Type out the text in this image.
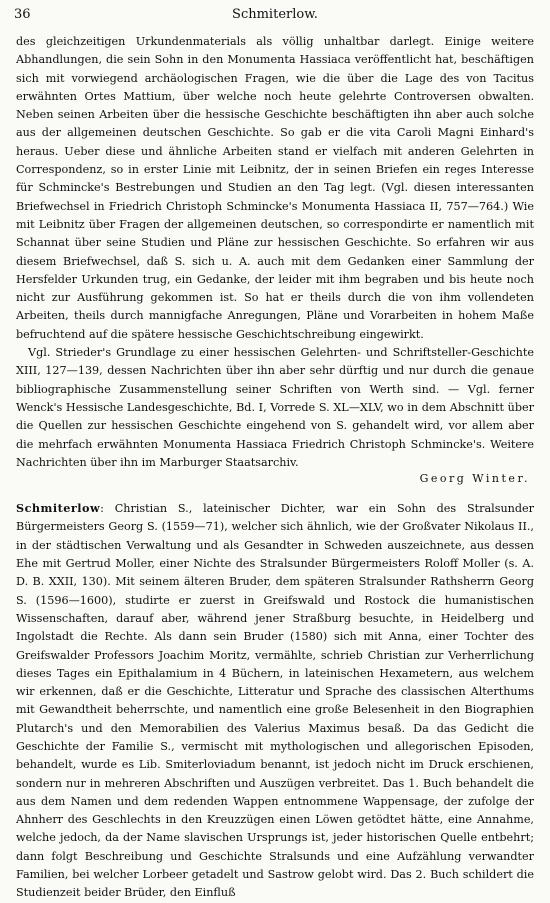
36	Schmiterlow.

des gleichzeitigen Urkundenmaterials als völlig unhaltbar darlegt. Einige weitere Abhandlungen, die sein Sohn in den Monumenta Hassiaca veröffentlicht hat, beschäftigen sich mit vorwiegend archäologischen Fragen, wie die über die Lage des von Tacitus erwähnten Ortes Mattium, über welche noch heute gelehrte Controversen obwalten. Neben seinen Arbeiten über die hessische Geschichte beschäftigten ihn aber auch solche aus der allgemeinen deutschen Geschichte. So gab er die vita Caroli Magni Einhard's heraus. Ueber diese und ähnliche Arbeiten stand er vielfach mit anderen Gelehrten in Correspondenz, so in erster Linie mit Leibnitz, der in seinen Briefen ein reges Interesse für Schmincke's Bestrebungen und Studien an den Tag legt. (Vgl. diesen interessanten Briefwechsel in Friedrich Christoph Schmincke's Monumenta Hassiaca II, 757—764.) Wie mit Leibnitz über Fragen der allgemeinen deutschen, so correspondirte er namentlich mit Schannat über seine Studien und Pläne zur hessischen Geschichte. So erfahren wir aus diesem Briefwechsel, daß S. sich u. A. auch mit dem Gedanken einer Sammlung der Hersfelder Urkunden trug, ein Gedanke, der leider mit ihm begraben und bis heute noch nicht zur Ausführung gekommen ist. So hat er theils durch die von ihm vollendeten Arbeiten, theils durch mannigfache Anregungen, Pläne und Vorarbeiten in hohem Maße befruchtend auf die spätere hessische Geschichtschreibung eingewirkt.

Vgl. Strieder's Grundlage zu einer hessischen Gelehrten- und Schriftsteller-Geschichte XIII, 127—139, dessen Nachrichten über ihn aber sehr dürftig und nur durch die genaue bibliographische Zusammenstellung seiner Schriften von Werth sind. — Vgl. ferner Wenck's Hessische Landesgeschichte, Bd. I, Vorrede S. XL—XLV, wo in dem Abschnitt über die Quellen zur hessischen Geschichte eingehend von S. gehandelt wird, vor allem aber die mehrfach erwähnten Monumenta Hassiaca Friedrich Christoph Schmincke's. Weitere Nachrichten über ihn im Marburger Staatsarchiv.

Georg Winter.

Schmiterlow: Christian S., lateinischer Dichter, war ein Sohn des Stralsunder Bürgermeisters Georg S. (1559—71), welcher sich ähnlich, wie der Großvater Nikolaus II., in der städtischen Verwaltung und als Gesandter in Schweden auszeichnete, aus dessen Ehe mit Gertrud Moller, einer Nichte des Stralsunder Bürgermeisters Roloff Moller (s. A. D. B. XXII, 130). Mit seinem älteren Bruder, dem späteren Stralsunder Rathsherrn Georg S. (1596—1600), studirte er zuerst in Greifswald und Rostock die humanistischen Wissenschaften, darauf aber, während jener Straßburg besuchte, in Heidelberg und Ingolstadt die Rechte. Als dann sein Bruder (1580) sich mit Anna, einer Tochter des Greifswalder Professors Joachim Moritz, vermählte, schrieb Christian zur Verherrlichung dieses Tages ein Epithalamium in 4 Büchern, in lateinischen Hexametern, aus welchem wir erkennen, daß er die Geschichte, Litteratur und Sprache des classischen Alterthums mit Gewandtheit beherrschte, und namentlich eine große Belesenheit in den Biographien Plutarch's und den Memorabilien des Valerius Maximus besaß. Da das Gedicht die Geschichte der Familie S., vermischt mit mythologischen und allegorischen Episoden, behandelt, wurde es Lib. Smiterloviadum benannt, ist jedoch nicht im Druck erschienen, sondern nur in mehreren Abschriften und Auszügen verbreitet. Das 1. Buch behandelt die aus dem Namen und dem redenden Wappen entnommene Wappensage, der zufolge der Ahnherr des Geschlechts in den Kreuzzügen einen Löwen getödtet hätte, eine Annahme, welche jedoch, da der Name slavischen Ursprungs ist, jeder historischen Quelle entbehrt; dann folgt Beschreibung und Geschichte Stralsunds und eine Aufzählung verwandter Familien, bei welcher Lorbeer getadelt und Sastrow gelobt wird. Das 2. Buch schildert die Studienzeit beider Brüder, den Einfluß
